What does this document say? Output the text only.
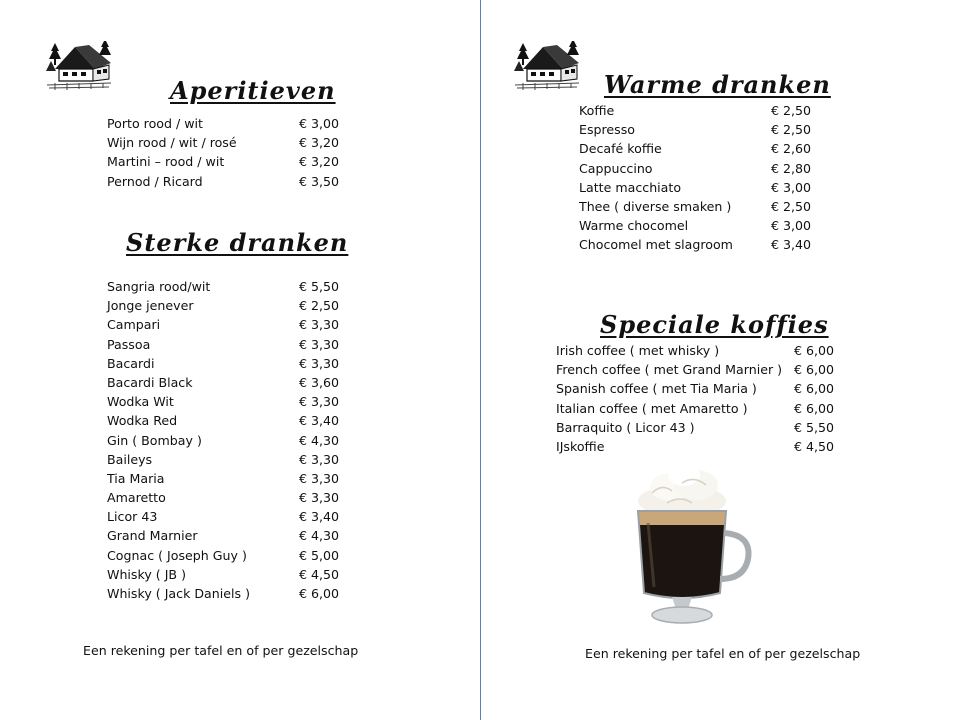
Aperitieven
Porto rood / wit	€ 3,00
Wijn rood / wit / rosé	€ 3,20
Martini – rood / wit	€ 3,20
Pernod / Ricard	€ 3,50
Sterke dranken
Sangria rood/wit	€ 5,50
Jonge jenever	€ 2,50
Campari	€ 3,30
Passoa	€ 3,30
Bacardi	€ 3,30
Bacardi Black	€ 3,60
Wodka Wit	€ 3,30
Wodka Red	€ 3,40
Gin ( Bombay )	€ 4,30
Baileys	€ 3,30
Tia Maria	€ 3,30
Amaretto	€ 3,30
Licor 43	€ 3,40
Grand Marnier	€ 4,30
Cognac ( Joseph Guy )	€ 5,00
Whisky ( JB )	€ 4,50
Whisky ( Jack Daniels )	€ 6,00

Een rekening per tafel en of per gezelschap

Warme dranken
Koffie	€ 2,50
Espresso	€ 2,50
Decafé koffie	€ 2,60
Cappuccino	€ 2,80
Latte macchiato	€ 3,00
Thee ( diverse smaken )	€ 2,50
Warme chocomel	€ 3,00
Chocomel met slagroom	€ 3,40
Speciale koffies
Irish coffee ( met whisky )	€ 6,00
French coffee ( met Grand Marnier ) € 6,00
Spanish coffee ( met Tia Maria )	€ 6,00
Italian coffee ( met Amaretto )	€ 6,00
Barraquito ( Licor 43 )	€ 5,50
IJskoffie	€ 4,50

Een rekening per tafel en of per gezelschap
